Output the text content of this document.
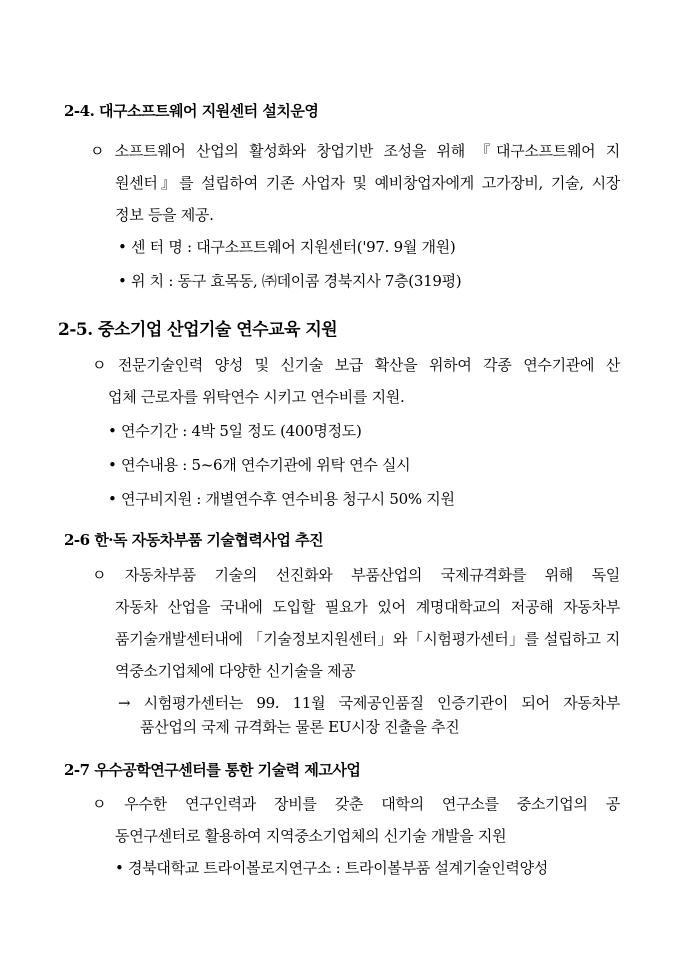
2-4. 대구소프트웨어 지원센터 설치운영
ㅇ 소프트웨어 산업의 활성화와 창업기반 조성을 위해 『대구소프트웨어 지
원센터』를 설립하여 기존 사업자 및 예비창업자에게 고가장비, 기술, 시장
정보 등을 제공.
• 센 터 명 : 대구소프트웨어 지원센터('97. 9월 개원)
• 위 치 : 동구 효목동, ㈜데이콤 경북지사 7층(319평)
2-5. 중소기업 산업기술 연수교육 지원
ㅇ 전문기술인력 양성 및 신기술 보급 확산을 위하여 각종 연수기관에 산
업체 근로자를 위탁연수 시키고 연수비를 지원.
• 연수기간 : 4박 5일 정도 (400명정도)
• 연수내용 : 5~6개 연수기관에 위탁 연수 실시
• 연구비지원 : 개별연수후 연수비용 청구시 50% 지원
2-6 한·독 자동차부품 기술협력사업 추진
ㅇ 자동차부품 기술의 선진화와 부품산업의 국제규격화를 위해 독일
자동차 산업을 국내에 도입할 필요가 있어 계명대학교의 저공해 자동차부
품기술개발센터내에 「기술정보지원센터」와「시험평가센터」를 설립하고 지
역중소기업체에 다양한 신기술을 제공
→ 시험평가센터는 99. 11월 국제공인품질 인증기관이 되어 자동차부
품산업의 국제 규격화는 물론 EU시장 진출을 추진
2-7 우수공학연구센터를 통한 기술력 제고사업
ㅇ 우수한 연구인력과 장비를 갖춘 대학의 연구소를 중소기업의 공
동연구센터로 활용하여 지역중소기업체의 신기술 개발을 지원
• 경북대학교 트라이볼로지연구소 : 트라이볼부품 설계기술인력양성
